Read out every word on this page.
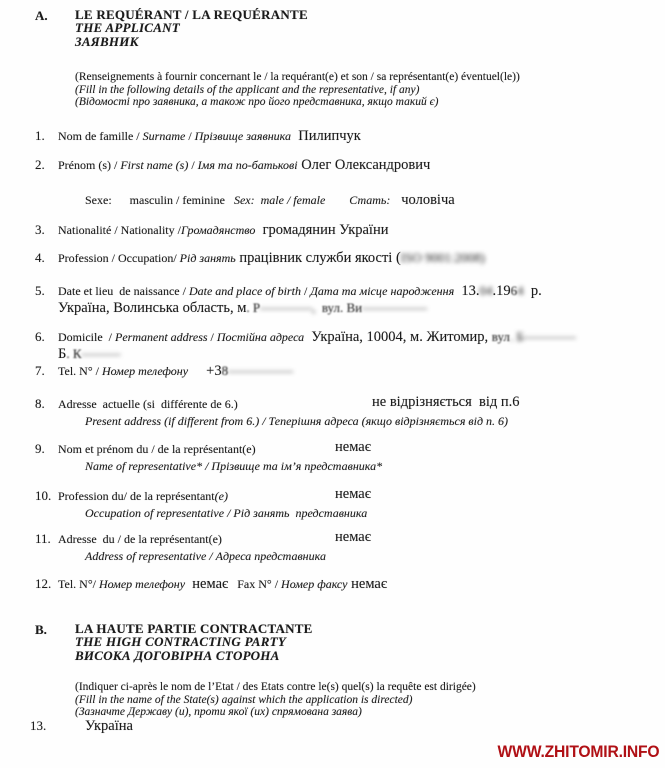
A. LE REQUÉRANT / LA REQUÉRANTE
THE APPLICANT
ЗАЯВНИК
(Renseignements à fournir concernant le / la requérant(e) et son / sa représentant(e) éventuel(le))
(Fill in the following details of the applicant and the representative, if any)
(Відомості про заявника, а також про його представника, якщо такий є)
1. Nom de famille / Surname / Прізвище заявника  Пилипчук
2. Prénom (s) / First name (s) / Імя та по-батькові Олег Олександрович
Sexe:      masculin / feminine   Sex:  male / female Стать:   чоловіча
3. Nationalité / Nationality /Громадянство  громадянин України
4. Profession / Occupation/ Рід занять працівник служби якості (ISO 9001:2008)
5. Date et lieu  de naissance / Date and place of birth / Дата та місце народження  13.04.1964  р.
Україна, Волинська область, м. Р————,  вул. Ви—————
6. Domicile  / Permanent address / Постійна адреса  Україна, 10004, м. Житомир, вул. Б————
Б. К———
7. Tel. N° / Номер телефону     +38—————
8. Adresse  actuelle (si  différente de 6.)	не відрізняється  від п.6
Present address (if different from 6.) / Теперішня адреса (якщо відрізняється від п. 6)
9. Nom et prénom du / de la représentant(e)	немає
Name of representative* / Прізвище та ім’я представника*
10. Profession du/ de la représentant(e)	немає
Occupation of representative / Рід занять  представника
11. Adresse  du / de la représentant(e)	немає
Address of representative / Адреса представника
12. Tel. N°/ Номер телефону  немає   Fax N° / Номер факсу немає
13.	Україна
B. LA HAUTE PARTIE CONTRACTANTE
THE HIGH CONTRACTING PARTY
ВИСОКА ДОГОВІРНА СТОРОНА
(Indiquer ci-après le nom de l’Etat / des Etats contre le(s) quel(s) la requête est dirigée)
(Fill in the name of the State(s) against which the application is directed)
(Зазначте Державу (и), проти якої (их) спрямована заява)
WWW.ZHITOMIR.INFO
